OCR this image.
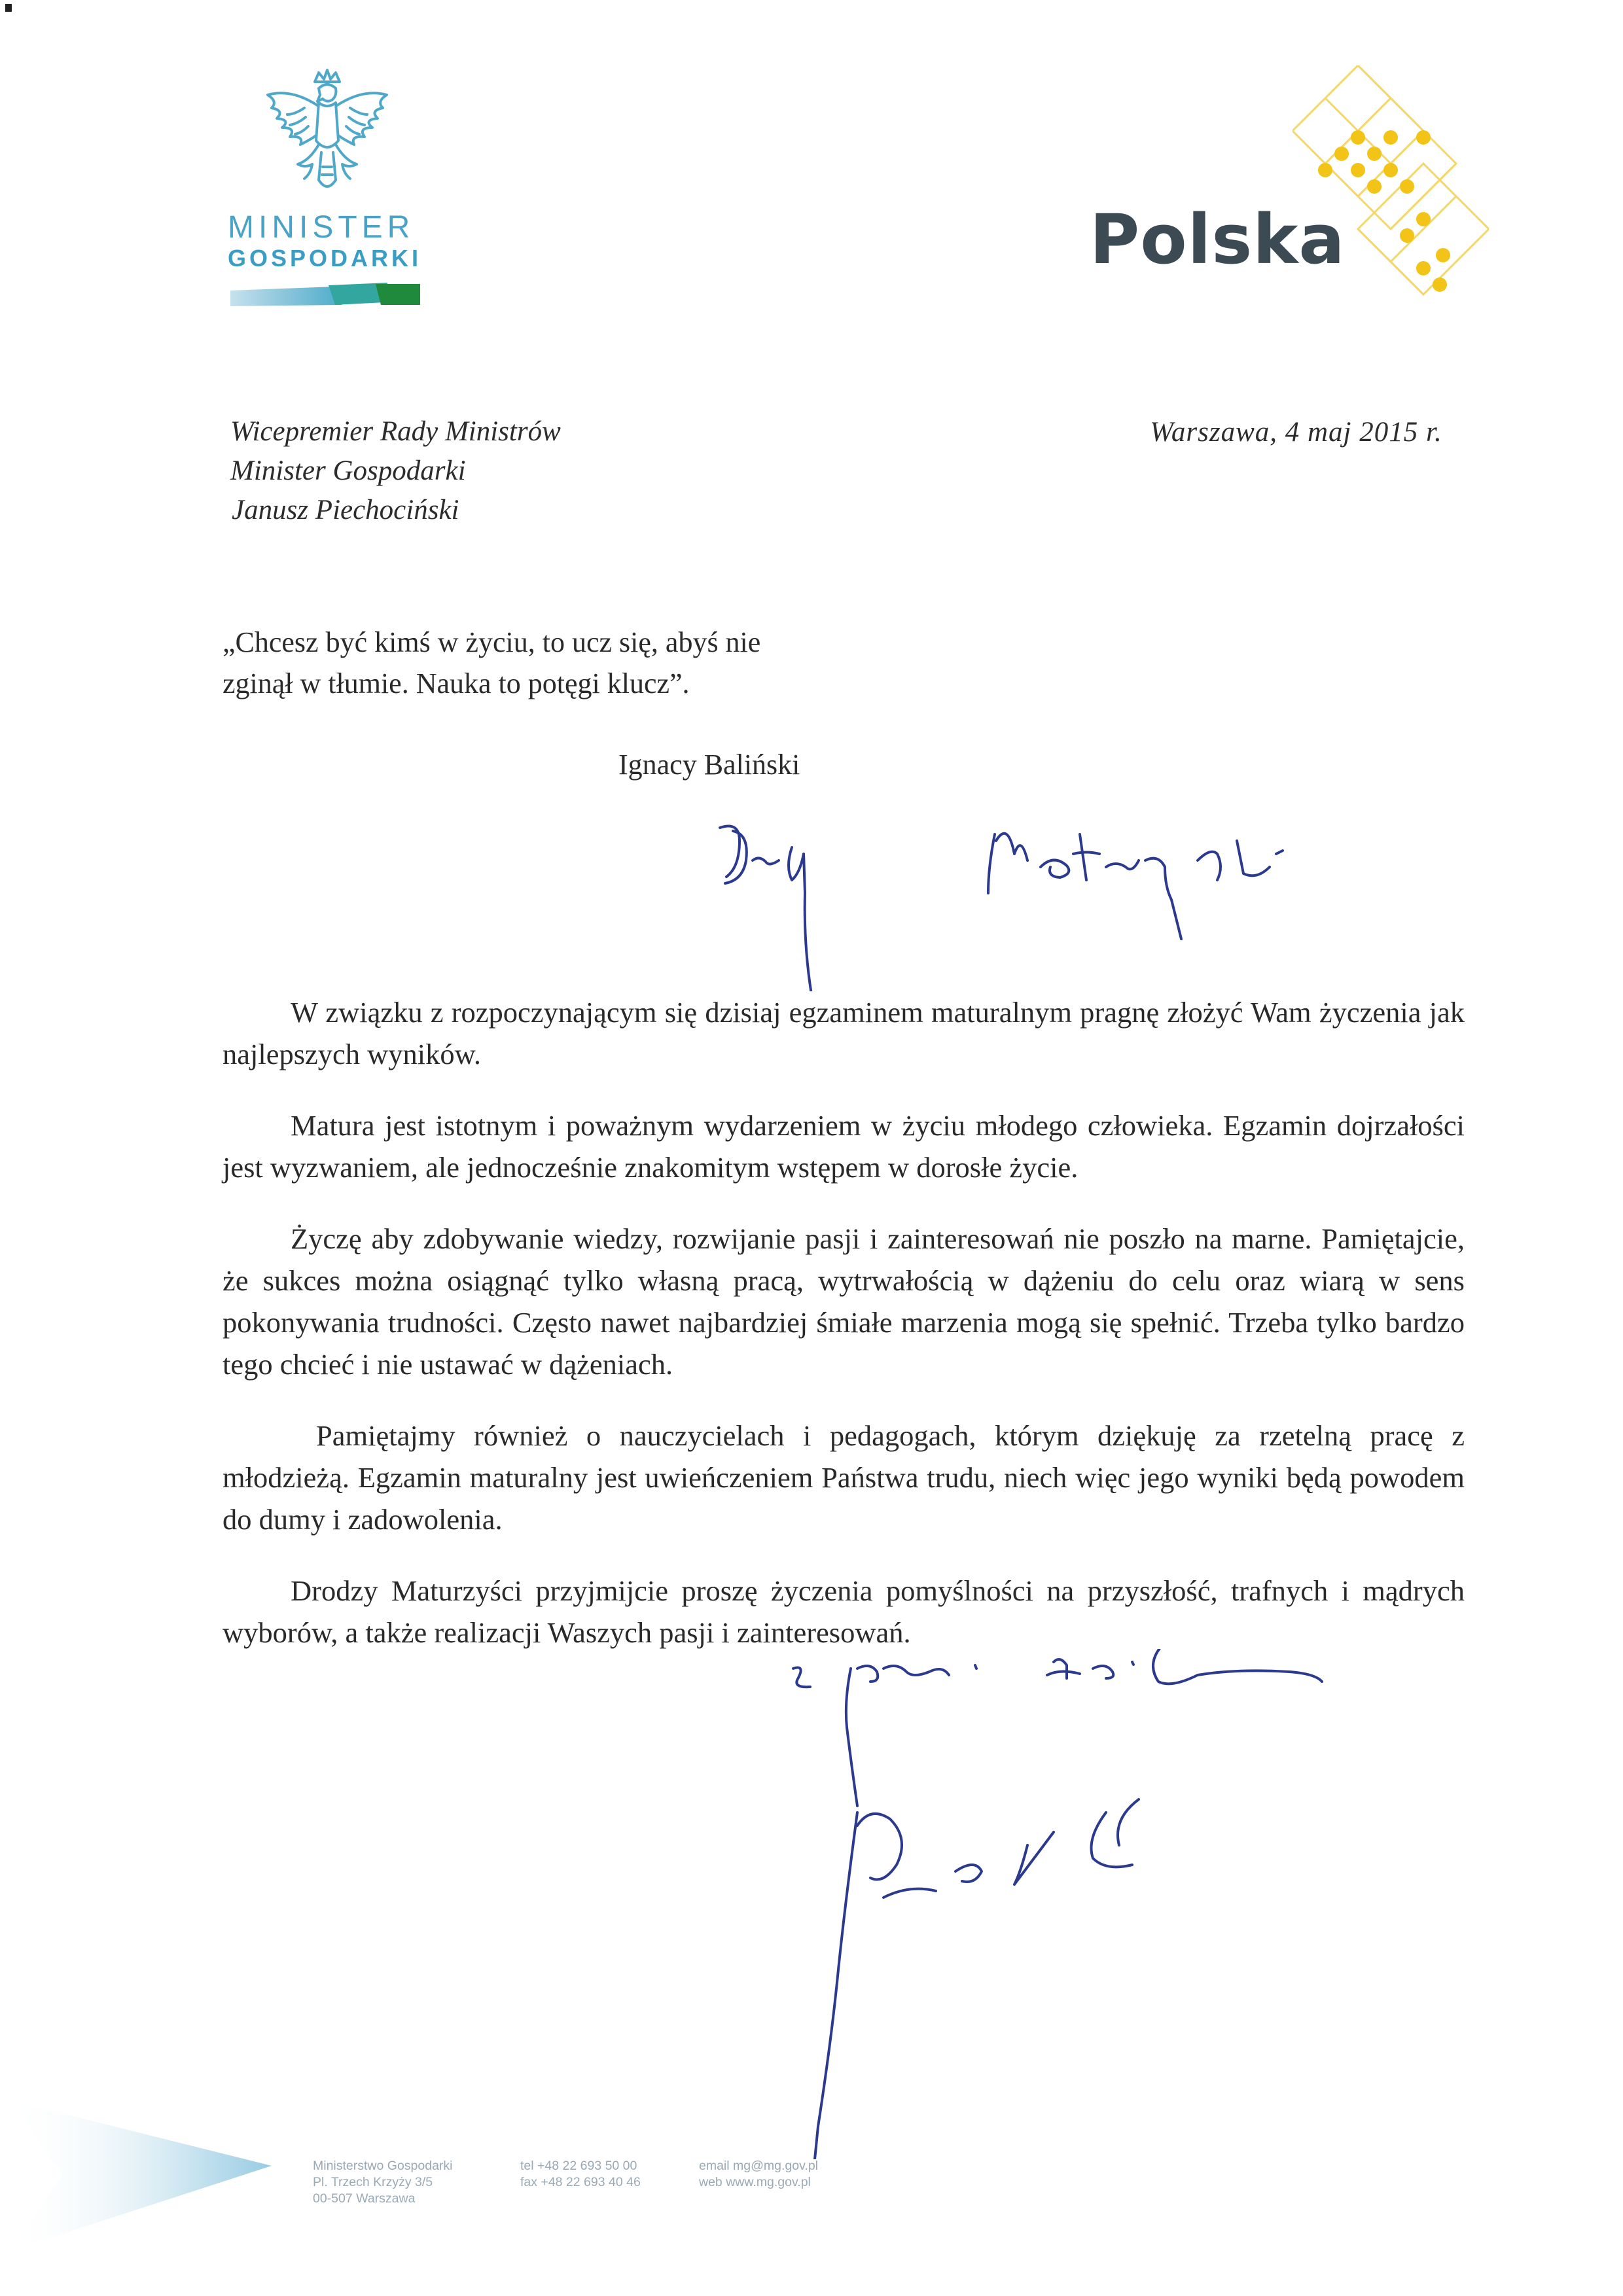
MINISTER
GOSPODARKI	Polska
Wicepremier Rady Ministrów
Minister Gospodarki
Janusz Piechociński
Warszawa, 4 maj 2015 r.
„Chcesz być kimś w życiu, to ucz się, abyś nie zginął w tłumie. Nauka to potęgi klucz”.
Ignacy Baliński

W związku z rozpoczynającym się dzisiaj egzaminem maturalnym pragnę złożyć Wam życzenia jak najlepszych wyników.

Matura jest istotnym i poważnym wydarzeniem w życiu młodego człowieka. Egzamin dojrzałości jest wyzwaniem, ale jednocześnie znakomitym wstępem w dorosłe życie.

Życzę aby zdobywanie wiedzy, rozwijanie pasji i zainteresowań nie poszło na marne. Pamiętajcie, że sukces można osiągnąć tylko własną pracą, wytrwałością w dążeniu do celu oraz wiarą w sens pokonywania trudności. Często nawet najbardziej śmiałe marzenia mogą się spełnić. Trzeba tylko bardzo tego chcieć i nie ustawać w dążeniach.

Pamiętajmy również o nauczycielach i pedagogach, którym dziękuję za rzetelną pracę z młodzieżą. Egzamin maturalny jest uwieńczeniem Państwa trudu, niech więc jego wyniki będą powodem do dumy i zadowolenia.

Drodzy Maturzyści przyjmijcie proszę życzenia pomyślności na przyszłość, trafnych i mądrych wyborów, a także realizacji Waszych pasji i zainteresowań.

Ministerstwo Gospodarki
Pl. Trzech Krzyży 3/5
00-507 Warszawa
tel +48 22 693 50 00
fax +48 22 693 40 46
email mg@mg.gov.pl
web www.mg.gov.pl
